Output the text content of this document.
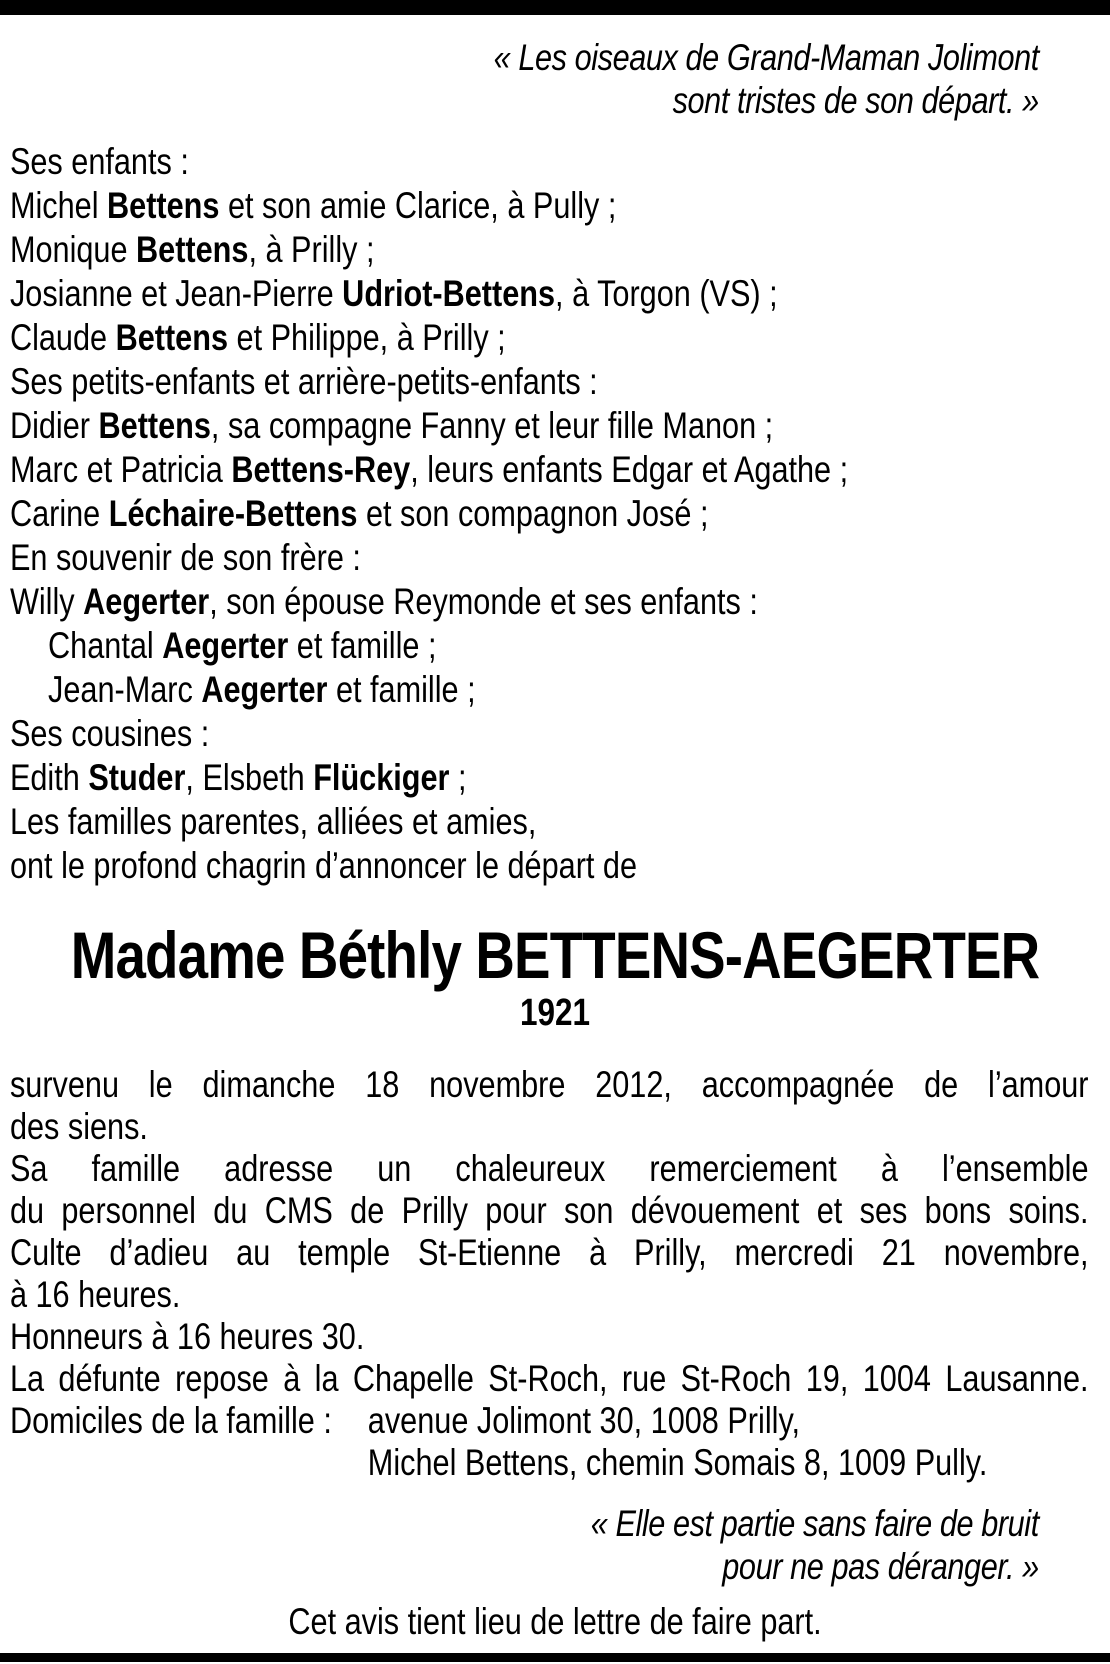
« Les oiseaux de Grand-Maman Jolimont
sont tristes de son départ. »
Ses enfants :
Michel Bettens et son amie Clarice, à Pully ;
Monique Bettens, à Prilly ;
Josianne et Jean-Pierre Udriot-Bettens, à Torgon (VS) ;
Claude Bettens et Philippe, à Prilly ;
Ses petits-enfants et arrière-petits-enfants :
Didier Bettens, sa compagne Fanny et leur fille Manon ;
Marc et Patricia Bettens-Rey, leurs enfants Edgar et Agathe ;
Carine Léchaire-Bettens et son compagnon José ;
En souvenir de son frère :
Willy Aegerter, son épouse Reymonde et ses enfants :
Chantal Aegerter et famille ;
Jean-Marc Aegerter et famille ;
Ses cousines :
Edith Studer, Elsbeth Flückiger ;
Les familles parentes, alliées et amies,
ont le profond chagrin d’annoncer le départ de
Madame Béthly BETTENS-AEGERTER
1921
survenu le dimanche 18 novembre 2012, accompagnée de l’amour
des siens.
Sa famille adresse un chaleureux remerciement à l’ensemble
du personnel du CMS de Prilly pour son dévouement et ses bons soins.
Culte d’adieu au temple St-Etienne à Prilly, mercredi 21 novembre,
à 16 heures.
Honneurs à 16 heures 30.
La défunte repose à la Chapelle St-Roch, rue St-Roch 19, 1004 Lausanne.
Domiciles de la famille : avenue Jolimont 30, 1008 Prilly,
Michel Bettens, chemin Somais 8, 1009 Pully.
« Elle est partie sans faire de bruit
pour ne pas déranger. »
Cet avis tient lieu de lettre de faire part.
